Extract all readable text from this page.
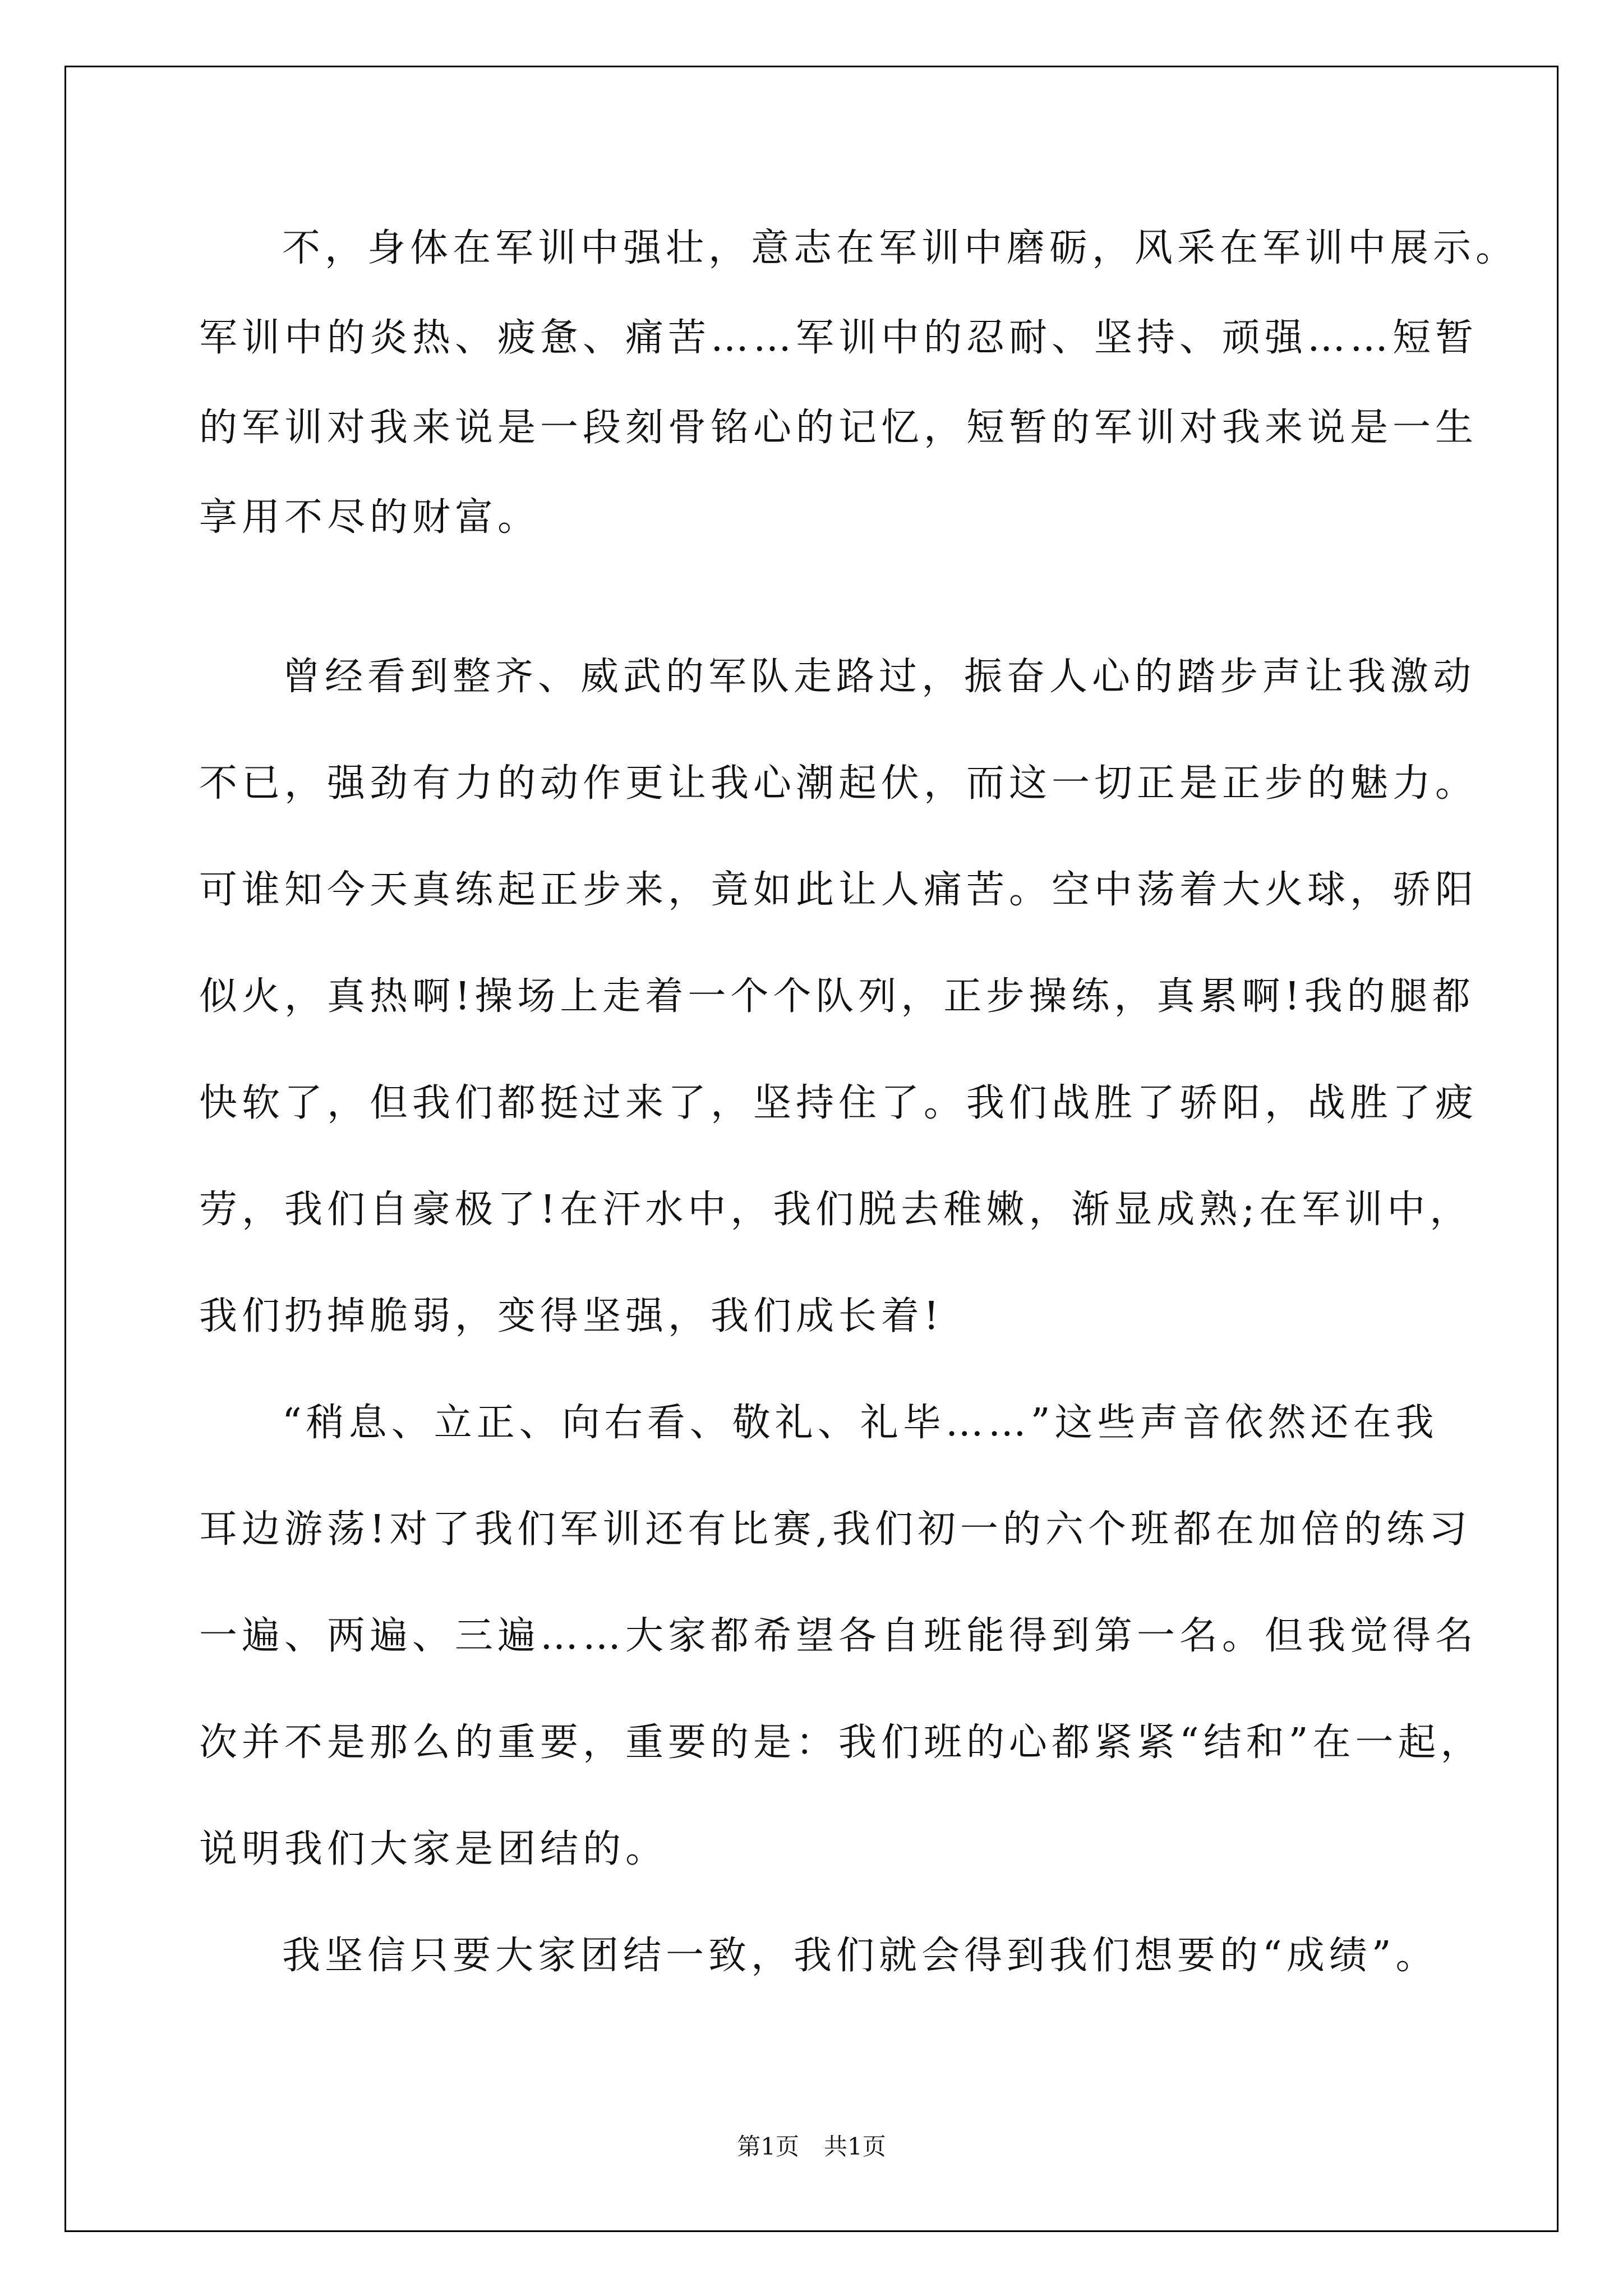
不，身体在军训中强壮，意志在军训中磨砺，风采在军训中展示。
军训中的炎热、疲惫、痛苦……军训中的忍耐、坚持、顽强……短暂
的军训对我来说是一段刻骨铭心的记忆，短暂的军训对我来说是一生
享用不尽的财富。
曾经看到整齐、威武的军队走路过，振奋人心的踏步声让我激动
不已，强劲有力的动作更让我心潮起伏，而这一切正是正步的魅力。
可谁知今天真练起正步来，竟如此让人痛苦。空中荡着大火球，骄阳
似火，真热啊!操场上走着一个个队列，正步操练，真累啊!我的腿都
快软了，但我们都挺过来了，坚持住了。我们战胜了骄阳，战胜了疲
劳，我们自豪极了!在汗水中，我们脱去稚嫩，渐显成熟;在军训中，
我们扔掉脆弱，变得坚强，我们成长着!
“稍息、立正、向右看、敬礼、礼毕……”这些声音依然还在我
耳边游荡!对了我们军训还有比赛,我们初一的六个班都在加倍的练习
一遍、两遍、三遍……大家都希望各自班能得到第一名。但我觉得名
次并不是那么的重要，重要的是：我们班的心都紧紧“结和”在一起，
说明我们大家是团结的。
我坚信只要大家团结一致，我们就会得到我们想要的“成绩”。
第1页 共1页
